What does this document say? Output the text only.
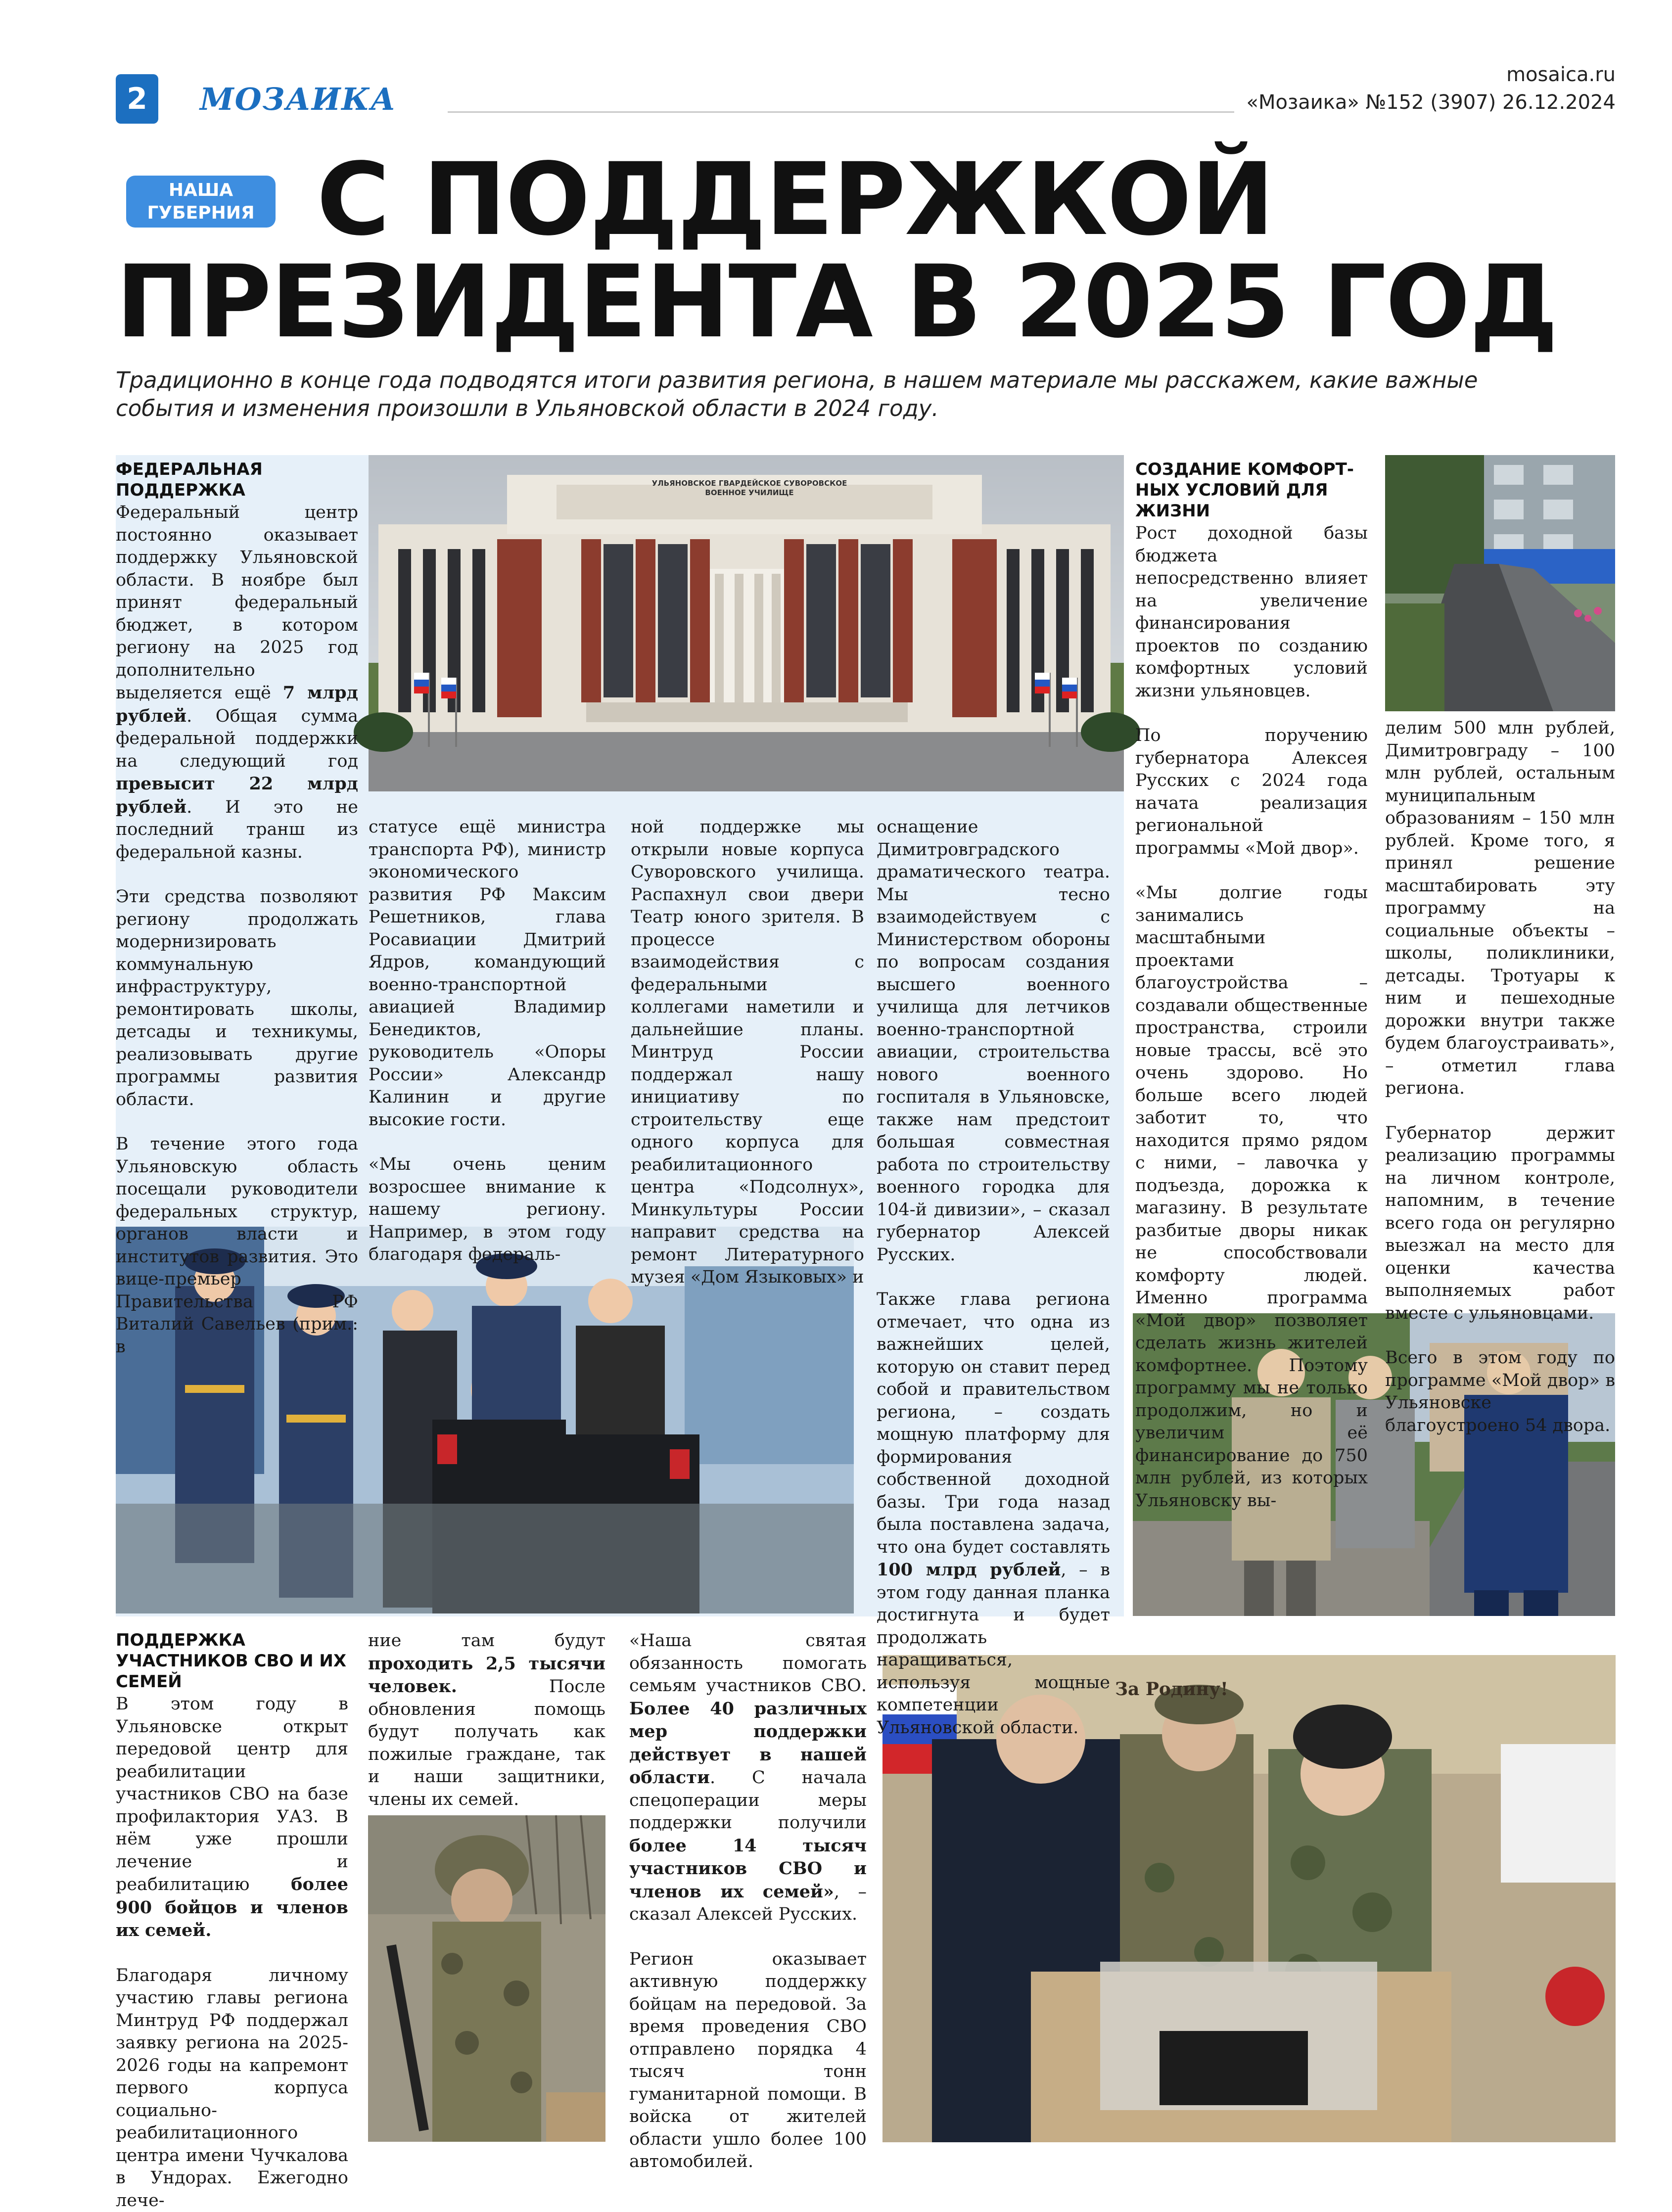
2	МОЗАИКА
mosaica.ru
«Мозаика» №152 (3907) 26.12.2024
НАША
ГУБЕРНИЯ С ПОДДЕРЖКОЙ
ПРЕЗИДЕНТА В 2025 ГОД
Традиционно в конце года подводятся итоги развития региона, в нашем материале мы расскажем, какие важные события и изменения произошли в Ульяновской области в 2024 году.
УЛЬЯНОВСКОЕ ГВАРДЕЙСКОЕ СУВОРОВСКОЕ ВОЕННОЕ УЧИЛИЩЕ
За Родину!
ФЕДЕРАЛЬНАЯ
ПОДДЕРЖКА

Федеральный центр постоянно оказывает поддержку Ульяновской области. В ноябре был принят федеральный бюджет, в котором региону на 2025 год дополнительно выделяется ещё 7 млрд рублей. Общая сумма федеральной поддержки на следующий год превысит 22 млрд рублей. И это не последний транш из федеральной казны.

Эти средства позволяют региону продолжать модернизировать коммунальную инфраструктуру, ремонтировать школы, детсады и техникумы, реализовывать другие программы развития области.

В течение этого года Ульяновскую область посещали руководители федеральных структур, органов власти и институтов развития. Это вице-премьер Правительства РФ Виталий Савельев (прим.: в

статусе ещё министра транспорта РФ), министр экономического развития РФ Максим Решетников, глава Росавиации Дмитрий Ядров, командующий военно-транспортной авиацией Владимир Бенедиктов, руководитель «Опоры России» Александр Калинин и другие высокие гости.

«Мы очень ценим возросшее внимание к нашему региону. Например, в этом году благодаря федераль-

ной поддержке мы открыли новые корпуса Суворовского училища. Распахнул свои двери Театр юного зрителя. В процессе взаимодействия с федеральными коллегами наметили и дальнейшие планы. Минтруд России поддержал нашу инициативу по строительству еще одного корпуса для реабилитационного центра «Подсолнух», Минкультуры России направит средства на ремонт Литературного музея «Дом Языковых» и

оснащение Димитровградского драматического театра. Мы тесно взаимодействуем с Министерством обороны по вопросам создания высшего военного училища для летчиков военно-транспортной авиации, строительства нового военного госпиталя в Ульяновске, также нам предстоит большая совместная работа по строительству военного городка для 104-й дивизии», – сказал губернатор Алексей Русских.

Также глава региона отмечает, что одна из важнейших целей, которую он ставит перед собой и правительством региона, – создать мощную платформу для формирования собственной доходной базы. Три года назад была поставлена задача, что она будет составлять 100 млрд рублей, – в этом году данная планка достигнута и будет продолжать наращиваться, используя мощные компетенции Ульяновской области.

СОЗДАНИЕ КОМФОРТ-
НЫХ УСЛОВИЙ ДЛЯ
ЖИЗНИ

Рост доходной базы бюджета непосредственно влияет на увеличение финансирования проектов по созданию комфортных условий жизни ульяновцев.

По поручению губернатора Алексея Русских с 2024 года начата реализация региональной программы «Мой двор».

«Мы долгие годы занимались масштабными проектами благоустройства – создавали общественные пространства, строили новые трассы, всё это очень здорово. Но больше всего людей заботит то, что находится прямо рядом с ними, – лавочка у подъезда, дорожка к магазину. В результате разбитые дворы никак не способствовали комфорту людей. Именно программа «Мой двор» позволяет сделать жизнь жителей комфортнее. Поэтому программу мы не только продолжим, но и увеличим её финансирование до 750 млн рублей, из которых Ульяновску вы-

делим 500 млн рублей, Димитровграду – 100 млн рублей, остальным муниципальным образованиям – 150 млн рублей. Кроме того, я принял решение масштабировать эту программу на социальные объекты – школы, поликлиники, детсады. Тротуары к ним и пешеходные дорожки внутри также будем благоустраивать», – отметил глава региона.

Губернатор держит реализацию программы на личном контроле, напомним, в течение всего года он регулярно выезжал на место для оценки качества выполняемых работ вместе с ульяновцами.

Всего в этом году по программе «Мой двор» в Ульяновске благоустроено 54 двора.

ПОДДЕРЖКА
УЧАСТНИКОВ СВО И ИХ
СЕМЕЙ

В этом году в Ульяновске открыт передовой центр для реабилитации участников СВО на базе профилактория УАЗ. В нём уже прошли лечение и реабилитацию более 900 бойцов и членов их семей.

Благодаря личному участию главы региона Минтруд РФ поддержал заявку региона на 2025-2026 годы на капремонт первого корпуса социально-реабилитационного центра имени Чучкалова в Ундорах. Ежегодно лече-

ние там будут проходить 2,5 тысячи человек. После обновления помощь будут получать как пожилые граждане, так и наши защитники, члены их семей.

«Наша святая обязанность помогать семьям участников СВО. Более 40 различных мер поддержки действует в нашей области. С начала спецоперации меры поддержки получили более 14 тысяч участников СВО и членов их семей», – сказал Алексей Русских.

Регион оказывает активную поддержку бойцам на передовой. За время проведения СВО отправлено порядка 4 тысяч тонн гуманитарной помощи. В войска от жителей области ушло более 100 автомобилей.
